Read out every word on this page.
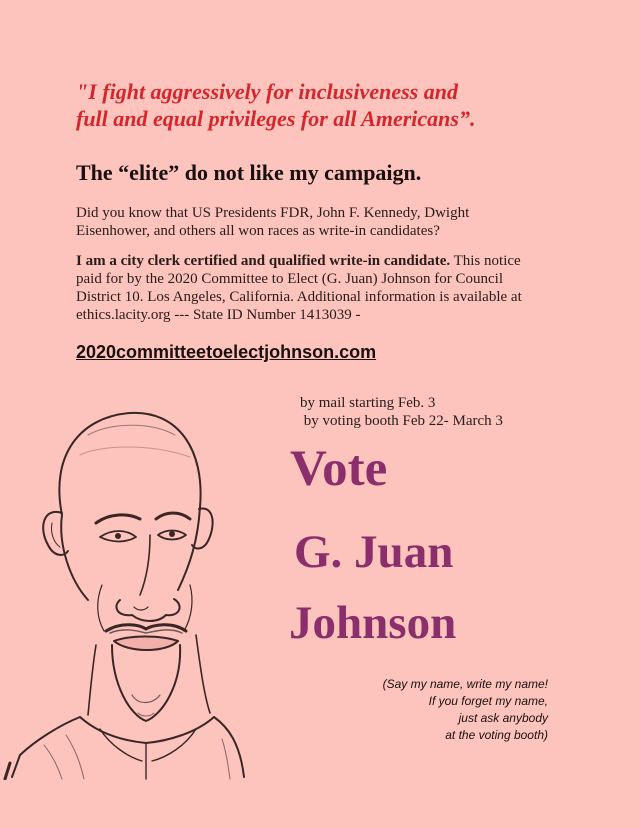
"I fight aggressively for inclusiveness and
full and equal privileges for all Americans”.
The “elite” do not like my campaign.
Did you know that US Presidents FDR, John F. Kennedy, Dwight
Eisenhower, and others all won races as write-in candidates?
I am a city clerk certified and qualified write-in candidate. This notice
paid for by the 2020 Committee to Elect (G. Juan) Johnson for Council
District 10. Los Angeles, California. Additional information is available at
ethics.lacity.org --- State ID Number 1413039 -
2020committeetoelectjohnson.com
by mail starting Feb. 3
by voting booth Feb 22- March 3
Vote
G. Juan
Johnson
(Say my name, write my name!
If you forget my name,
just ask anybody
at the voting booth)
